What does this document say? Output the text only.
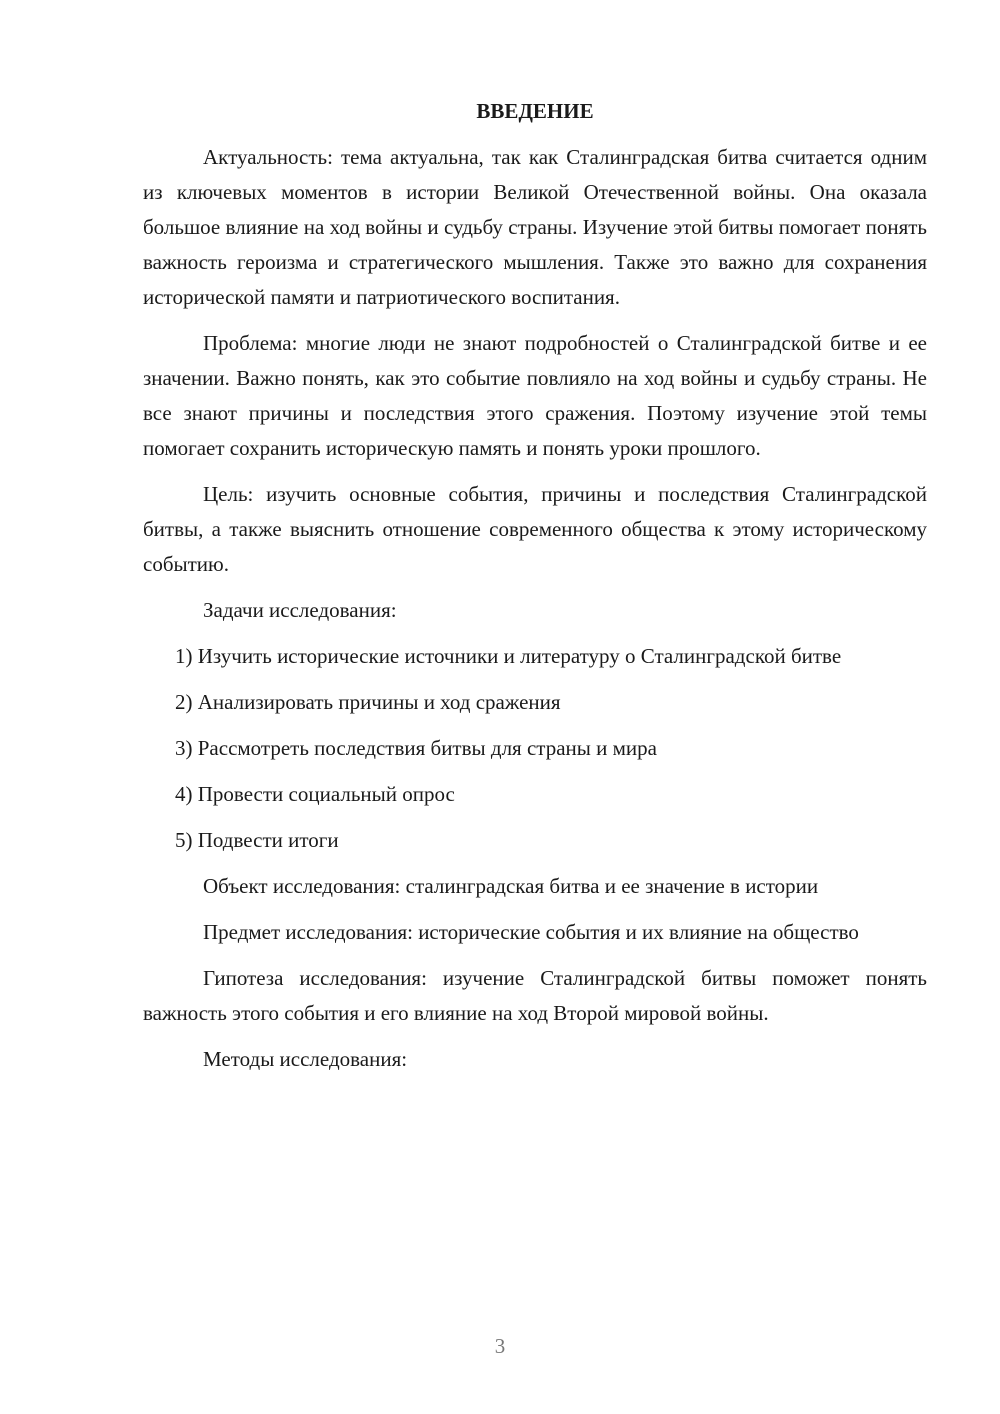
ВВЕДЕНИЕ

Актуальность: тема актуальна, так как Сталинградская битва считается одним из ключевых моментов в истории Великой Отечественной войны. Она оказала большое влияние на ход войны и судьбу страны. Изучение этой битвы помогает понять важность героизма и стратегического мышления. Также это важно для сохранения исторической памяти и патриотического воспитания.

Проблема: многие люди не знают подробностей о Сталинградской битве и ее значении. Важно понять, как это событие повлияло на ход войны и судьбу страны. Не все знают причины и последствия этого сражения. Поэтому изучение этой темы помогает сохранить историческую память и понять уроки прошлого.

Цель: изучить основные события, причины и последствия Сталинградской битвы, а также выяснить отношение современного общества к этому историческому событию.

Задачи исследования:

1) Изучить исторические источники и литературу о Сталинградской битве

2) Анализировать причины и ход сражения

3) Рассмотреть последствия битвы для страны и мира

4) Провести социальный опрос

5) Подвести итоги

Объект исследования: сталинградская битва и ее значение в истории

Предмет исследования: исторические события и их влияние на общество

Гипотеза исследования: изучение Сталинградской битвы поможет понять важность этого события и его влияние на ход Второй мировой войны.

Методы исследования:

3
